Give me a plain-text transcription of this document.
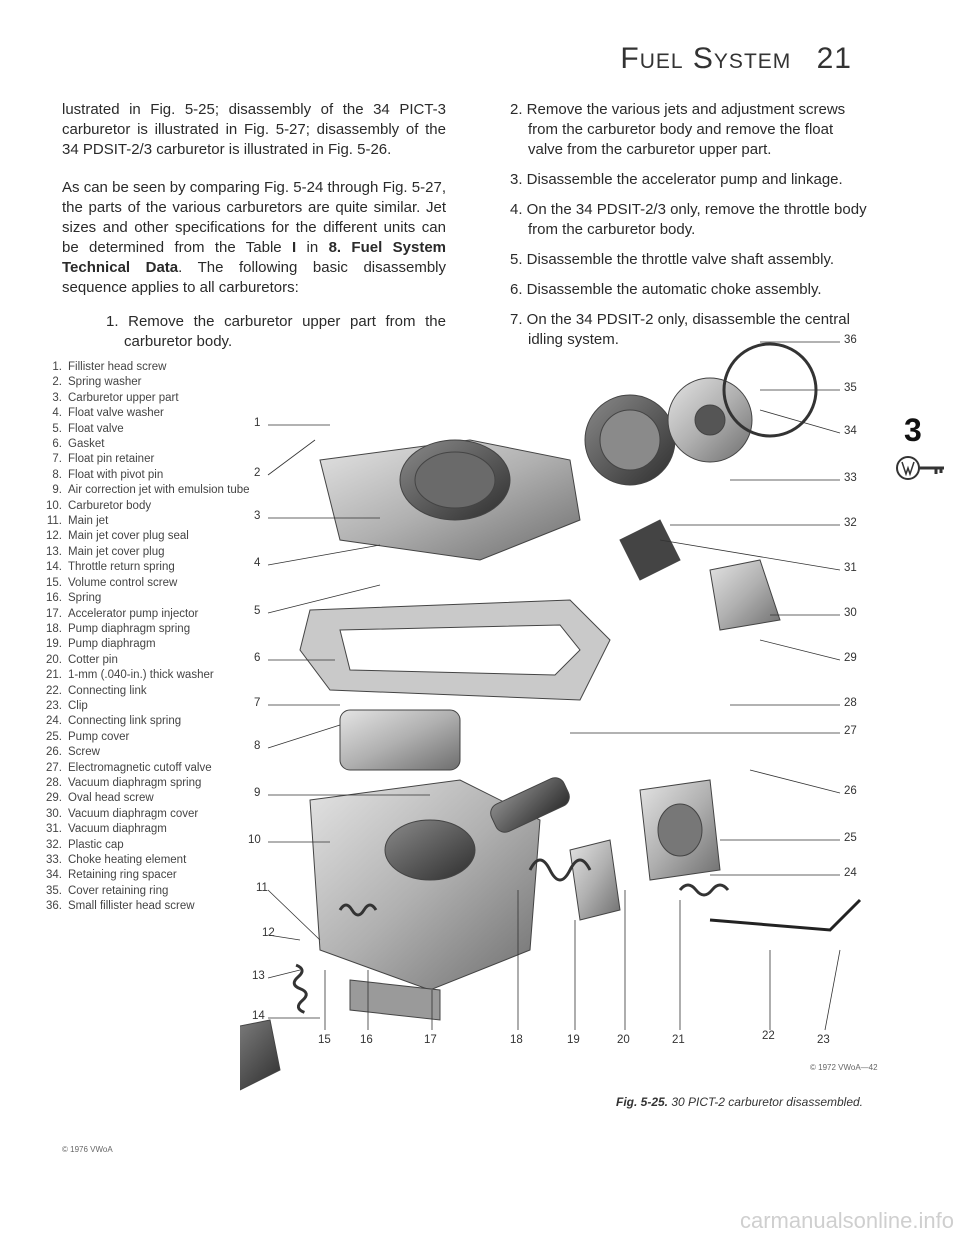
Fuel System 21

lustrated in Fig. 5-25; disassembly of the 34 PICT-3 carburetor is illustrated in Fig. 5-27; disassembly of the 34 PDSIT-2/3 carburetor is illustrated in Fig. 5-26.

As can be seen by comparing Fig. 5-24 through Fig. 5-27, the parts of the various carburetors are quite similar. Jet sizes and other specifications for the different units can be determined from the Table I in 8. Fuel System Technical Data. The following basic disassembly sequence applies to all carburetors:

1. Remove the carburetor upper part from the carburetor body.

2. Remove the various jets and adjustment screws from the carburetor body and remove the float valve from the carburetor upper part.
3. Disassemble the accelerator pump and linkage.
4. On the 34 PDSIT-2/3 only, remove the throttle body from the carburetor body.
5. Disassemble the throttle valve shaft assembly.
6. Disassemble the automatic choke assembly.
7. On the 34 PDSIT-2 only, disassemble the central idling system.
1. Fillister head screw
2. Spring washer
3. Carburetor upper part
4. Float valve washer
5. Float valve
6. Gasket
7. Float pin retainer
8. Float with pivot pin
9. Air correction jet with emulsion tube
10. Carburetor body
11. Main jet
12. Main jet cover plug seal
13. Main jet cover plug
14. Throttle return spring
15. Volume control screw
16. Spring
17. Accelerator pump injector
18. Pump diaphragm spring
19. Pump diaphragm
20. Cotter pin
21. 1-mm (.040-in.) thick washer
22. Connecting link
23. Clip
24. Connecting link spring
25. Pump cover
26. Screw
27. Electromagnetic cutoff valve
28. Vacuum diaphragm spring
29. Oval head screw
30. Vacuum diaphragm cover
31. Vacuum diaphragm
32. Plastic cap
33. Choke heating element
34. Retaining ring spacer
35. Cover retaining ring
36. Small fillister head screw
1
2
3
4
5
6
7
8
9
10
11
12
13
14
15	16	17	18	19	20	21	22	23
36
35
34
33
32
31
30
29
28
27
26
25
24
© 1972 VWoA—42
Fig. 5-25. 30 PICT-2 carburetor disassembled.
© 1976 VWoA
3
carmanualsonline.info
